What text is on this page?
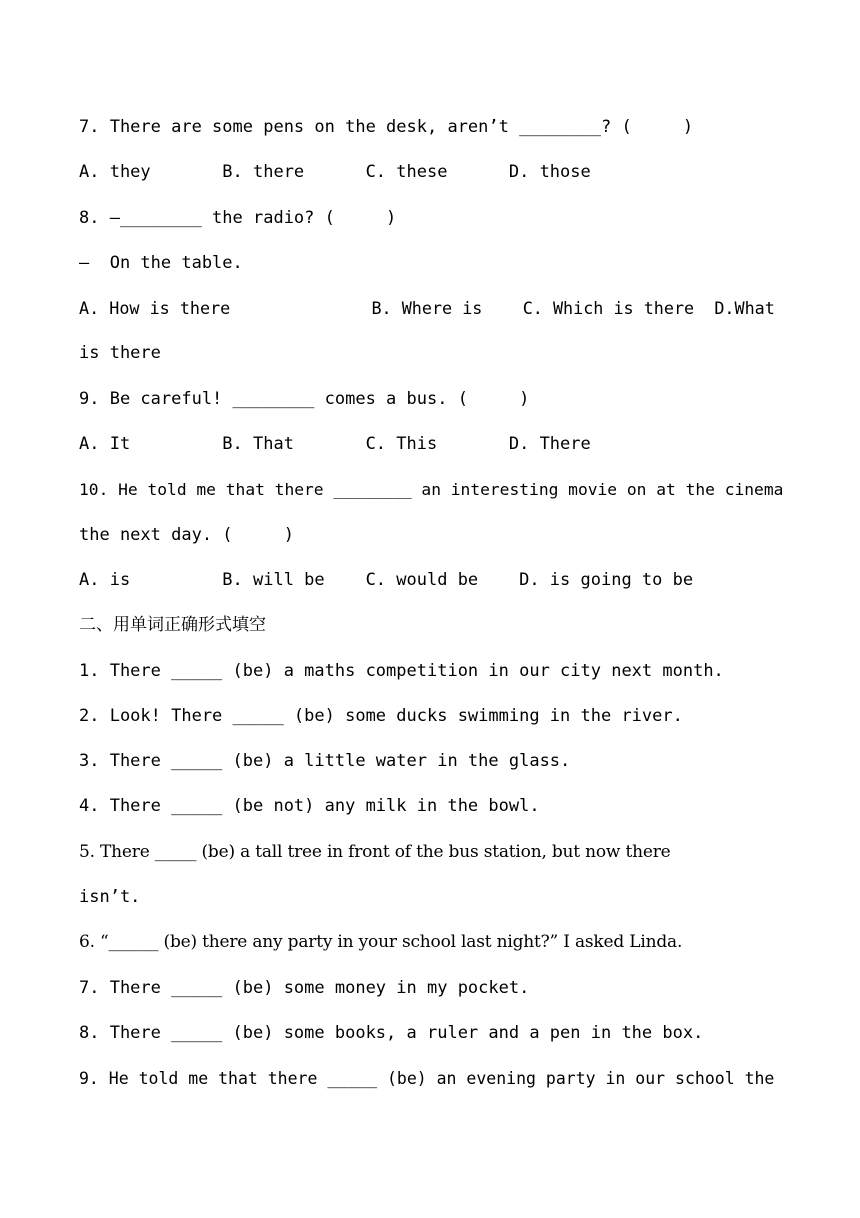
7. There are some pens on the desk, aren’t ________? (     )
A. they       B. there      C. these      D. those
8. —________ the radio? (     )
—  On the table.
A. How is there              B. Where is    C. Which is there  D.What
is there
9. Be careful! ________ comes a bus. (     )
A. It         B. That       C. This       D. There
10. He told me that there ________ an interesting movie on at the cinema
the next day. (     )
A. is         B. will be    C. would be    D. is going to be
二、用单词正确形式填空
1. There _____ (be) a maths competition in our city next month.
2. Look! There _____ (be) some ducks swimming in the river.
3. There _____ (be) a little water in the glass.
4. There _____ (be not) any milk in the bowl.
5. There _____ (be) a tall tree in front of the bus station, but now there
isn’t.
6. “______ (be) there any party in your school last night?” I asked Linda.
7. There _____ (be) some money in my pocket.
8. There _____ (be) some books, a ruler and a pen in the box.
9. He told me that there _____ (be) an evening party in our school the
